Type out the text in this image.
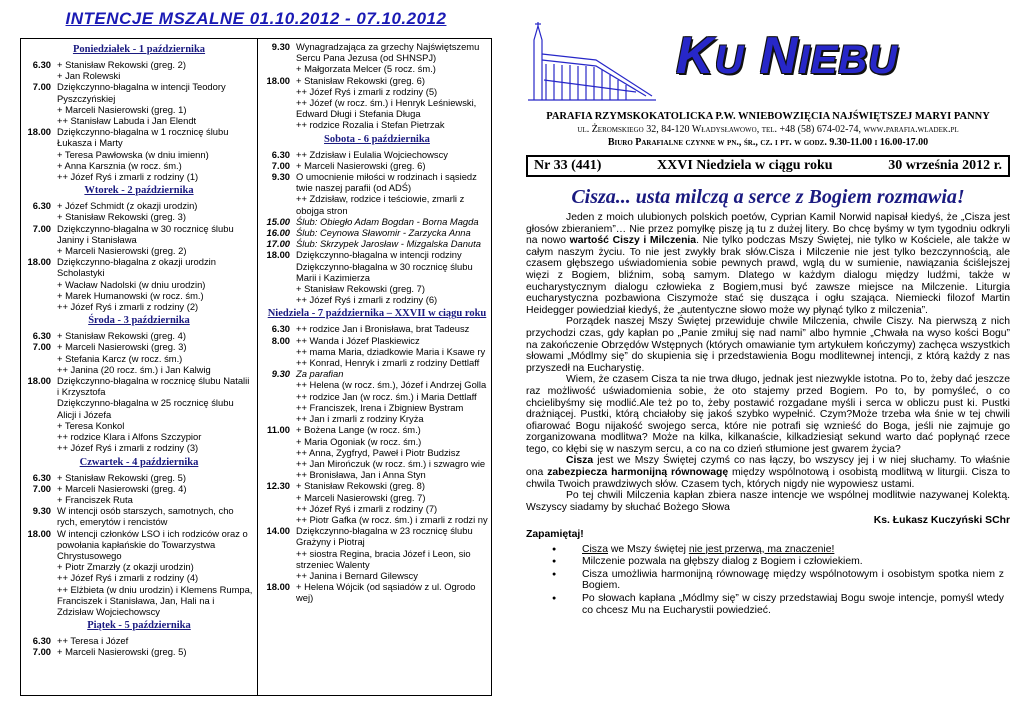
INTENCJE MSZALNE 01.10.2012 - 07.10.2012
Poniedziałek - 1 października
6.30 + Stanisław Rekowski (greg. 2)
+ Jan Rolewski
7.00 Dziękczynno-błagalna w intencji Teodory Pyszczyńskiej
+ Marceli Nasierowski (greg. 1)
++ Stanisław Labuda i Jan Elendt
18.00 Dziękczynno-błagalna w 1 rocznicę ślubu Łukasza i Marty
+ Teresa Pawłowska (w dniu imienn)
+ Anna Karsznia (w rocz. śm.)
++ Józef Ryś i zmarli z rodziny (1)
Wtorek - 2 października
6.30 + Józef Schmidt (z okazji urodzin)
+ Stanisław Rekowski (greg. 3)
7.00 Dziękczynno-błagalna w 30 rocznicę ślubu Janiny i Stanisława
+ Marceli Nasierowski (greg. 2)
18.00 Dziękczynno-błagalna z okazji urodzin Scholastyki
+ Wacław Nadolski (w dniu urodzin)
+ Marek Humanowski (w rocz. śm.)
++ Józef Ryś i zmarli z rodziny (2)
Środa - 3 października
6.30 + Stanisław Rekowski (greg. 4)
7.00 + Marceli Nasierowski (greg. 3)
+ Stefania Karcz (w rocz. śm.)
++ Janina (20 rocz. śm.) i Jan Kalwig
18.00 Dziękczynno-błagalna w rocznicę ślubu Natalii i Krzysztofa
Dziękczynno-błagalna w 25 rocznicę ślubu Alicji i Józefa
+ Teresa Konkol
++ rodzice Klara i Alfons Szczypior
++ Józef Ryś i zmarli z rodziny (3)
Czwartek - 4 października
6.30 + Stanisław Rekowski (greg. 5)
7.00 + Marceli Nasierowski (greg. 4)
+ Franciszek Ruta
9.30 W intencji osób starszych, samotnych, cho rych, emerytów i rencistów
18.00 W intencji członków LSO i ich rodziców oraz o powołania kapłańskie do Towarzystwa Chrystusowego
+ Piotr Zmarzły (z okazji urodzin)
++ Józef Ryś i zmarli z rodziny (4)
++ Elżbieta (w dniu urodzin) i Klemens Rumpa, Franciszek i Stanisława, Jan, Hali na i Zdzisław Wojciechowscy
Piątek - 5 października
6.30 ++ Teresa i Józef
7.00 + Marceli Nasierowski (greg. 5)
9.30 Wynagradzająca za grzechy Najświętszemu Sercu Pana Jezusa (od SHNSPJ)
+ Małgorzata Melcer (5 rocz. śm.)
18.00 + Stanisław Rekowski (greg. 6)
++ Józef Ryś i zmarli z rodziny (5)
++ Józef (w rocz. śm.) i Henryk Leśniewski, Edward Długi i Stefania Długa
++ rodzice Rozalia i Stefan Pietrzak
Sobota - 6 października
6.30 ++ Zdzisław i Eulalia Wojciechowscy
7.00 + Marceli Nasierowski (greg. 6)
9.30 O umocnienie miłości w rodzinach i sąsiedz twie naszej parafii (od ADŚ)
++ Zdzisław, rodzice i teściowie, zmarli z obojga stron
15.00 Ślub: Obiegło Adam Bogdan - Borna Magda
16.00 Ślub: Ceynowa Sławomir - Zarzycka Anna
17.00 Ślub: Skrzypek Jarosław - Mizgalska Danuta
18.00 Dziękczynno-błagalna w intencji rodziny
Dziękczynno-błagalna w 30 rocznicę ślubu Marii i Kazimierza
+ Stanisław Rekowski (greg. 7)
++ Józef Ryś i zmarli z rodziny (6)
Niedziela - 7 października – XXVII w ciągu roku
6.30 ++ rodzice Jan i Bronisława, brat Tadeusz
8.00 ++ Wanda i Józef Plaskiewicz
++ mama Maria, dziadkowie Maria i Ksawe ry
++ Konrad, Henryk i zmarli z rodziny Dettlaff
9.30 Za parafian
++ Helena (w rocz. śm.), Józef i Andrzej Golla
++ rodzice Jan (w rocz. śm.) i Maria Dettlaff
++ Franciszek, Irena i Zbigniew Bystram
++ Jan i zmarli z rodziny Kryża
11.00 + Bożena Lange (w rocz. śm.)
+ Maria Ogoniak (w rocz. śm.)
++ Anna, Zygfryd, Paweł i Piotr Budzisz
++ Jan Mirończuk (w rocz. śm.) i szwagro wie
++ Bronisława, Jan i Anna Styn
12.30 + Stanisław Rekowski (greg. 8)
+ Marceli Nasierowski (greg. 7)
++ Józef Ryś i zmarli z rodziny (7)
++ Piotr Gafka (w rocz. śm.) i zmarli z rodzi ny
14.00 Dziękczynno-błagalna w 23 rocznicę ślubu Grażyny i Piotraj
++ siostra Regina, bracia Józef i Leon, sio strzeniec Walenty
++ Janina i Bernard Gilewscy
18.00 + Helena Wójcik (od sąsiadów z ul. Ogrodo wej)
KU NIEBU
PARAFIA RZYMSKOKATOLICKA P.W. WNIEBOWZIĘCIA NAJŚWIĘTSZEJ MARYI PANNY
ul. Żeromskiego 32, 84-120 Władysławowo, tel. +48 (58) 674-02-74, www.parafia.wladek.pl
Biuro Parafialne czynne w pn., śr., cz. i pt. w godz. 9.30-11.00 i 16.00-17.00
Nr 33 (441)	XXVI Niedziela w ciągu roku	30 września 2012 r.
Cisza... usta milczą a serce z Bogiem rozmawia!

Jeden z moich ulubionych polskich poetów, Cyprian Kamil Norwid napisał kiedyś, że „Cisza jest głosów zbieraniem”… Nie przez pomyłkę piszę ją tu z dużej litery. Bo chcę byśmy w tym tygodniu odkryli na nowo wartość Ciszy i Milczenia. Nie tylko podczas Mszy Świętej, nie tylko w Kościele, ale także w całym naszym życiu. To nie jest zwykły brak słów.Cisza i Milczenie nie jest tylko bezczynnością, ale czasem głębszego uświadomienia sobie pewnych prawd, wglą du w sumienie, nawiązania ściślejszej więzi z Bogiem, bliźnim, sobą samym. Dlatego w każdym dialogu między ludźmi, także w eucharystycznym dialogu człowieka z Bogiem,musi być zawsze miejsce na Milczenie. Liturgia eucharystyczna pozbawiona Ciszymoże stać się dusząca i ogłu szająca. Niemiecki filozof Martin Heidegger powiedział kiedyś, że „autentyczne słowo może wy płynąć tylko z milczenia”.

Porządek naszej Mszy Świętej przewiduje chwile Milczenia, chwile Ciszy. Na pierwszą z nich przychodzi czas, gdy kapłan po „Panie zmiłuj się nad nami” albo hymnie „Chwała na wyso kości Bogu” na zakończenie Obrzędów Wstępnych (których omawianie tym artykułem kończymy) zachęca wszystkich słowami „Módlmy się” do skupienia się i przedstawienia Bogu modlitewnej intencji, z którą każdy z nas przyszedł na Eucharystię.

Wiem, że czasem Cisza ta nie trwa długo, jednak jest niezwykle istotna. Po to, żeby dać jeszcze raz możliwość uświadomienia sobie, że oto stajemy przed Bogiem. Po to, by pomyśleć, o co chcielibyśmy się modlić.Ale też po to, żeby postawić rozgadane myśli i serca w obliczu pust ki. Pustki drażniącej. Pustki, którą chciałoby się jakoś szybko wypełnić. Czym?Może trzeba wła śnie w tej chwili ofiarować Bogu nijakość swojego serca, które nie potrafi się wznieść do Boga, jeśli nie zajmuje go zorganizowana modlitwa? Może na kilka, kilkanaście, kilkadziesiąt sekund warto dać popłynąć rzece tego, co kłębi się w naszym sercu, a co na co dzień stłumione jest gwarem życia?

Cisza jest we Mszy Świętej czymś co nas łączy, bo wszyscy jej i w niej słuchamy. To właśnie ona zabezpiecza harmonijną równowagę między wspólnotową i osobistą modlitwą w liturgii. Cisza to chwila Twoich prawdziwych słów. Czasem tych, których nigdy nie wypowiesz ustami.

Po tej chwili Milczenia kapłan zbiera nasze intencje we wspólnej modlitwie nazywanej Kolektą. Wszyscy siadamy by słuchać Bożego Słowa

Ks. Łukasz Kuczyński SChr
Zapamiętaj!
● Cisza we Mszy świętej nie jest przerwą, ma znaczenie!
● Milczenie pozwala na głębszy dialog z Bogiem i człowiekiem.
● Cisza umożliwia harmonijną równowagę między wspólnotowym i osobistym spotka niem z Bogiem.
● Po słowach kapłana „Módlmy się” w ciszy przedstawiaj Bogu swoje intencje, pomyśl wtedy co chcesz Mu na Eucharystii powiedzieć.
